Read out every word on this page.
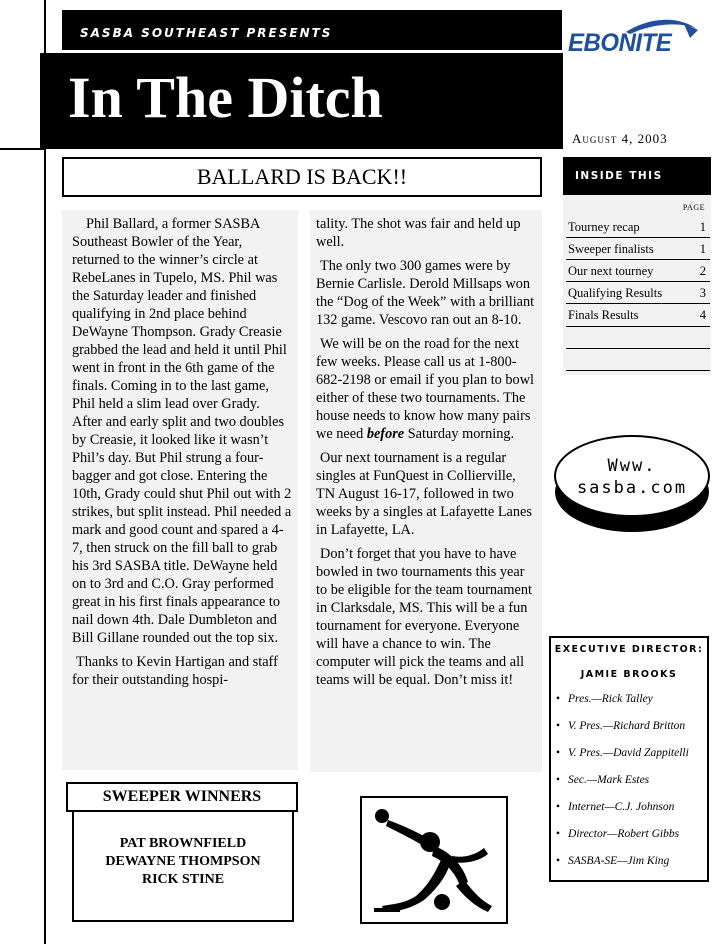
SASBA SOUTHEAST PRESENTS
In The Ditch
EBONITE
August 4, 2003
BALLARD IS BACK!!

Phil Ballard, a former SASBA Southeast Bowler of the Year, returned to the winner’s circle at RebeLanes in Tupelo, MS. Phil was the Saturday leader and finished qualifying in 2nd place behind DeWayne Thompson. Grady Creasie grabbed the lead and held it until Phil went in front in the 6th game of the finals. Coming in to the last game, Phil held a slim lead over Grady. After and early split and two doubles by Creasie, it looked like it wasn’t Phil’s day. But Phil strung a four-bagger and got close. Entering the 10th, Grady could shut Phil out with 2 strikes, but split instead. Phil needed a mark and good count and spared a 4-7, then struck on the fill ball to grab his 3rd SASBA title. DeWayne held on to 3rd and C.O. Gray performed great in his first finals appearance to nail down 4th. Dale Dumbleton and Bill Gillane rounded out the top six.

Thanks to Kevin Hartigan and staff for their outstanding hospi-

tality. The shot was fair and held up well.

The only two 300 games were by Bernie Carlisle. Derold Millsaps won the “Dog of the Week” with a brilliant 132 game. Vescovo ran out an 8-10.

We will be on the road for the next few weeks. Please call us at 1-800-682-2198 or email if you plan to bowl either of these two tournaments. The house needs to know how many pairs we need before Saturday morning.

Our next tournament is a regular singles at FunQuest in Collierville, TN August 16-17, followed in two weeks by a singles at Lafayette Lanes in Lafayette, LA.

Don’t forget that you have to have bowled in two tournaments this year to be eligible for the team tournament in Clarksdale, MS. This will be a fun tournament for everyone. Everyone will have a chance to win. The computer will pick the teams and all teams will be equal. Don’t miss it!

INSIDE THIS
PAGE
Tourney recap	1
Sweeper finalists	1
Our next tourney	2
Qualifying Results	3
Finals Results	4
Www.
sasba.com
EXECUTIVE DIRECTOR:
JAMIE BROOKS
• Pres.—Rick Talley
• V. Pres.—Richard Britton
• V. Pres.—David Zappitelli
• Sec.—Mark Estes
• Internet—C.J. Johnson
• Director—Robert Gibbs
• SASBA-SE—Jim King
SWEEPER WINNERS
PAT BROWNFIELD
DEWAYNE THOMPSON
RICK STINE
